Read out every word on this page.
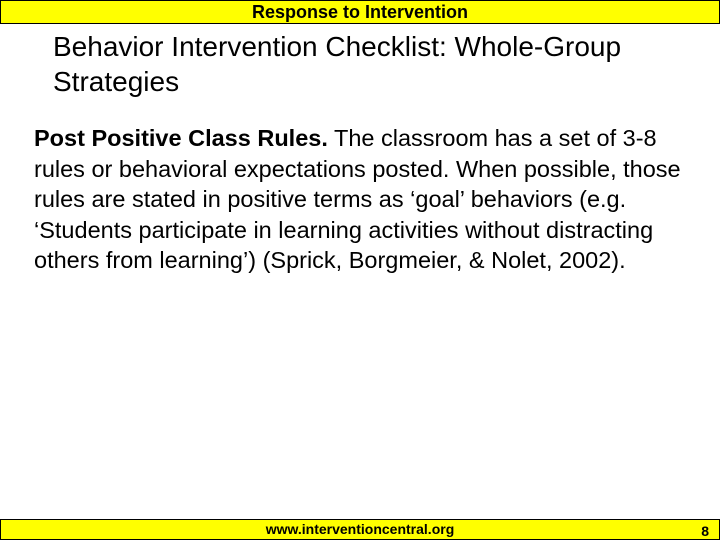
Response to Intervention
Behavior Intervention Checklist: Whole-Group Strategies

Post Positive Class Rules. The classroom has a set of 3-8 rules or behavioral expectations posted. When possible, those rules are stated in positive terms as ‘goal’ behaviors (e.g. ‘Students participate in learning activities without distracting others from learning’) (Sprick, Borgmeier, & Nolet, 2002).

www.interventioncentral.org	8
